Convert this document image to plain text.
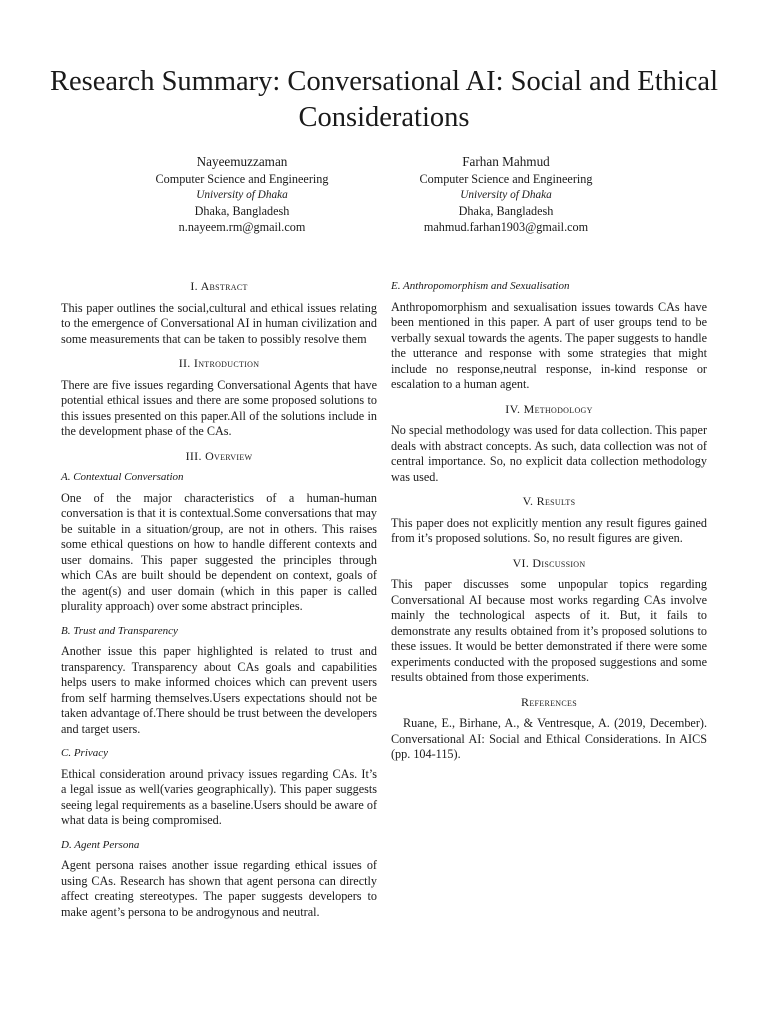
Research Summary: Conversational AI: Social and Ethical Considerations
Nayeemuzzaman
Computer Science and Engineering
University of Dhaka
Dhaka, Bangladesh
n.nayeem.rm@gmail.com
Farhan Mahmud
Computer Science and Engineering
University of Dhaka
Dhaka, Bangladesh
mahmud.farhan1903@gmail.com
I. Abstract

This paper outlines the social,cultural and ethical issues relating to the emergence of Conversational AI in human civilization and some measurements that can be taken to possibly resolve them

II. Introduction

There are five issues regarding Conversational Agents that have potential ethical issues and there are some proposed solutions to this issues presented on this paper.All of the solutions include in the development phase of the CAs.

III. Overview
A. Contextual Conversation

One of the major characteristics of a human-human conversation is that it is contextual.Some conversations that may be suitable in a situation/group, are not in others. This raises some ethical questions on how to handle different contexts and user domains. This paper suggested the principles through which CAs are built should be dependent on context, goals of the agent(s) and user domain (which in this paper is called plurality approach) over some abstract principles.

B. Trust and Transparency

Another issue this paper highlighted is related to trust and transparency. Transparency about CAs goals and capabilities helps users to make informed choices which can prevent users from self harming themselves.Users expectations should not be taken advantage of.There should be trust between the developers and target users.

C. Privacy

Ethical consideration around privacy issues regarding CAs. It’s a legal issue as well(varies geographically). This paper suggests seeing legal requirements as a baseline.Users should be aware of what data is being compromised.

D. Agent Persona

Agent persona raises another issue regarding ethical issues of using CAs. Research has shown that agent persona can directly affect creating stereotypes. The paper suggests developers to make agent’s persona to be androgynous and neutral.

E. Anthropomorphism and Sexualisation

Anthropomorphism and sexualisation issues towards CAs have been mentioned in this paper. A part of user groups tend to be verbally sexual towards the agents. The paper suggests to handle the utterance and response with some strategies that might include no response,neutral response, in-kind response or escalation to a human agent.

IV. Methodology

No special methodology was used for data collection. This paper deals with abstract concepts. As such, data collection was not of central importance. So, no explicit data collection methodology was used.

V. Results

This paper does not explicitly mention any result figures gained from it’s proposed solutions. So, no result figures are given.

VI. Discussion

This paper discusses some unpopular topics regarding Conversational AI because most works regarding CAs involve mainly the technological aspects of it. But, it fails to demonstrate any results obtained from it’s proposed solutions to these issues. It would be better demonstrated if there were some experiments conducted with the proposed suggestions and some results obtained from those experiments.

References

Ruane, E., Birhane, A., & Ventresque, A. (2019, December). Conversational AI: Social and Ethical Considerations. In AICS (pp. 104-115).
